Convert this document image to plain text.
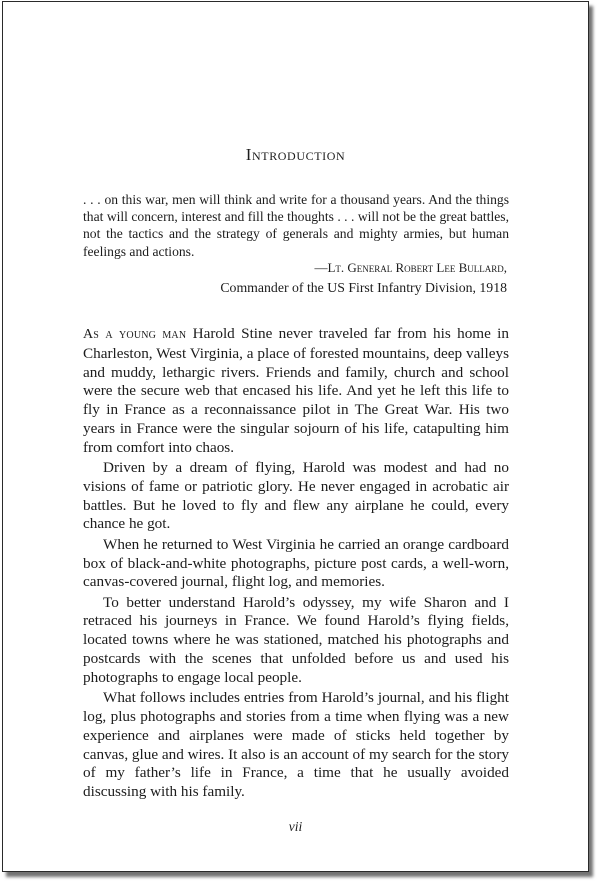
Introduction

. . . on this war, men will think and write for a thousand years. And the things that will concern, interest and fill the thoughts . . . will not be the great battles, not the tactics and the strategy of generals and mighty armies, but human feelings and actions.

—Lt. General Robert Lee Bullard,
Commander of the US First Infantry Division, 1918

As a young man Harold Stine never traveled far from his home in Charleston, West Virginia, a place of forested mountains, deep valleys and muddy, lethargic rivers. Friends and family, church and school were the secure web that encased his life. And yet he left this life to fly in France as a reconnaissance pilot in The Great War. His two years in France were the singular sojourn of his life, catapulting him from comfort into chaos.

Driven by a dream of flying, Harold was modest and had no visions of fame or patriotic glory. He never engaged in acrobatic air battles. But he loved to fly and flew any airplane he could, every chance he got.

When he returned to West Virginia he carried an orange cardboard box of black-and-white photographs, picture post cards, a well-worn, canvas-covered journal, flight log, and memories.

To better understand Harold’s odyssey, my wife Sharon and I retraced his journeys in France. We found Harold’s flying fields, located towns where he was stationed, matched his photographs and postcards with the scenes that unfolded before us and used his photographs to engage local people.

What follows includes entries from Harold’s journal, and his flight log, plus photographs and stories from a time when flying was a new experience and airplanes were made of sticks held together by canvas, glue and wires. It also is an account of my search for the story of my father’s life in France, a time that he usually avoided discussing with his family.

vii
